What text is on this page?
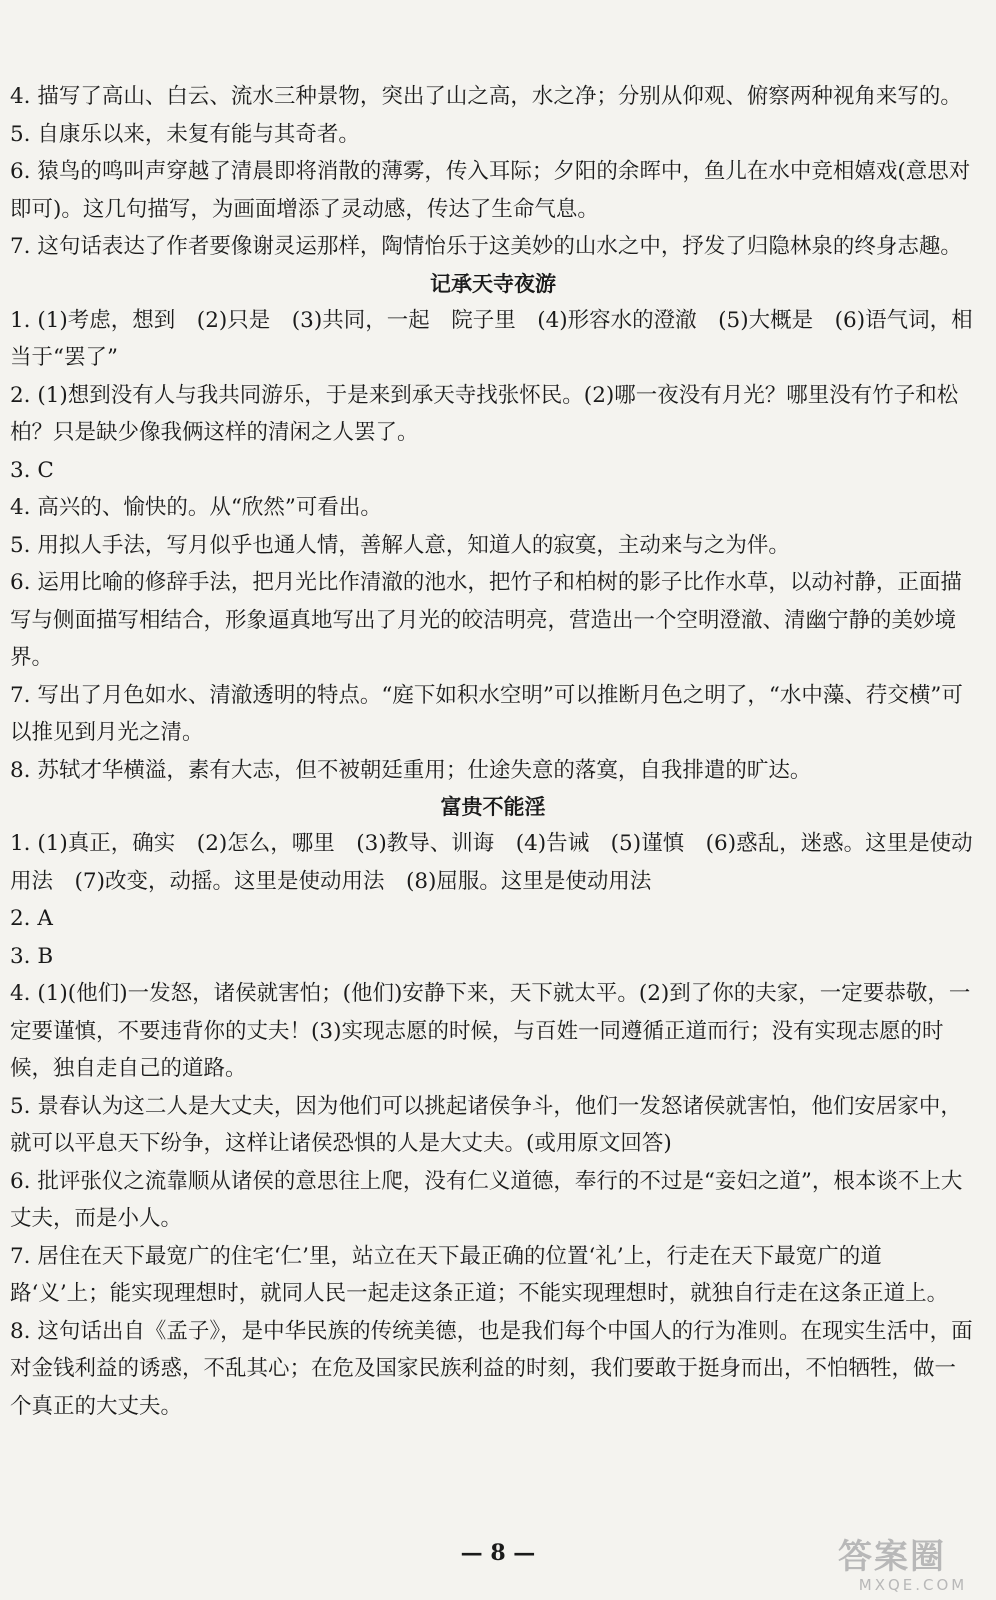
4. 描写了高山、白云、流水三种景物，突出了山之高，水之净；分别从仰观、俯察两种视角来写的。

5. 自康乐以来，未复有能与其奇者。

6. 猿鸟的鸣叫声穿越了清晨即将消散的薄雾，传入耳际；夕阳的余晖中，鱼儿在水中竞相嬉戏(意思对即可)。这几句描写，为画面增添了灵动感，传达了生命气息。

7. 这句话表达了作者要像谢灵运那样，陶情怡乐于这美妙的山水之中，抒发了归隐林泉的终身志趣。

记承天寺夜游

1. (1)考虑，想到　(2)只是　(3)共同，一起　院子里　(4)形容水的澄澈　(5)大概是　(6)语气词，相当于“罢了”

2. (1)想到没有人与我共同游乐，于是来到承天寺找张怀民。(2)哪一夜没有月光？哪里没有竹子和松柏？只是缺少像我俩这样的清闲之人罢了。

3. C

4. 高兴的、愉快的。从“欣然”可看出。

5. 用拟人手法，写月似乎也通人情，善解人意，知道人的寂寞，主动来与之为伴。

6. 运用比喻的修辞手法，把月光比作清澈的池水，把竹子和柏树的影子比作水草，以动衬静，正面描写与侧面描写相结合，形象逼真地写出了月光的皎洁明亮，营造出一个空明澄澈、清幽宁静的美妙境界。

7. 写出了月色如水、清澈透明的特点。“庭下如积水空明”可以推断月色之明了，“水中藻、荇交横”可以推见到月光之清。

8. 苏轼才华横溢，素有大志，但不被朝廷重用；仕途失意的落寞，自我排遣的旷达。

富贵不能淫

1. (1)真正，确实　(2)怎么，哪里　(3)教导、训诲　(4)告诫　(5)谨慎　(6)惑乱，迷惑。这里是使动用法　(7)改变，动摇。这里是使动用法　(8)屈服。这里是使动用法

2. A

3. B

4. (1)(他们)一发怒，诸侯就害怕；(他们)安静下来，天下就太平。(2)到了你的夫家，一定要恭敬，一定要谨慎，不要违背你的丈夫！(3)实现志愿的时候，与百姓一同遵循正道而行；没有实现志愿的时候，独自走自己的道路。

5. 景春认为这二人是大丈夫，因为他们可以挑起诸侯争斗，他们一发怒诸侯就害怕，他们安居家中，就可以平息天下纷争，这样让诸侯恐惧的人是大丈夫。(或用原文回答)

6. 批评张仪之流靠顺从诸侯的意思往上爬，没有仁义道德，奉行的不过是“妾妇之道”，根本谈不上大丈夫，而是小人。

7. 居住在天下最宽广的住宅‘仁’里，站立在天下最正确的位置‘礼’上，行走在天下最宽广的道路‘义’上；能实现理想时，就同人民一起走这条正道；不能实现理想时，就独自行走在这条正道上。

8. 这句话出自《孟子》，是中华民族的传统美德，也是我们每个中国人的行为准则。在现实生活中，面对金钱利益的诱惑，不乱其心；在危及国家民族利益的时刻，我们要敢于挺身而出，不怕牺牲，做一个真正的大丈夫。

— 8 —	答案圈
MXQE.COM
